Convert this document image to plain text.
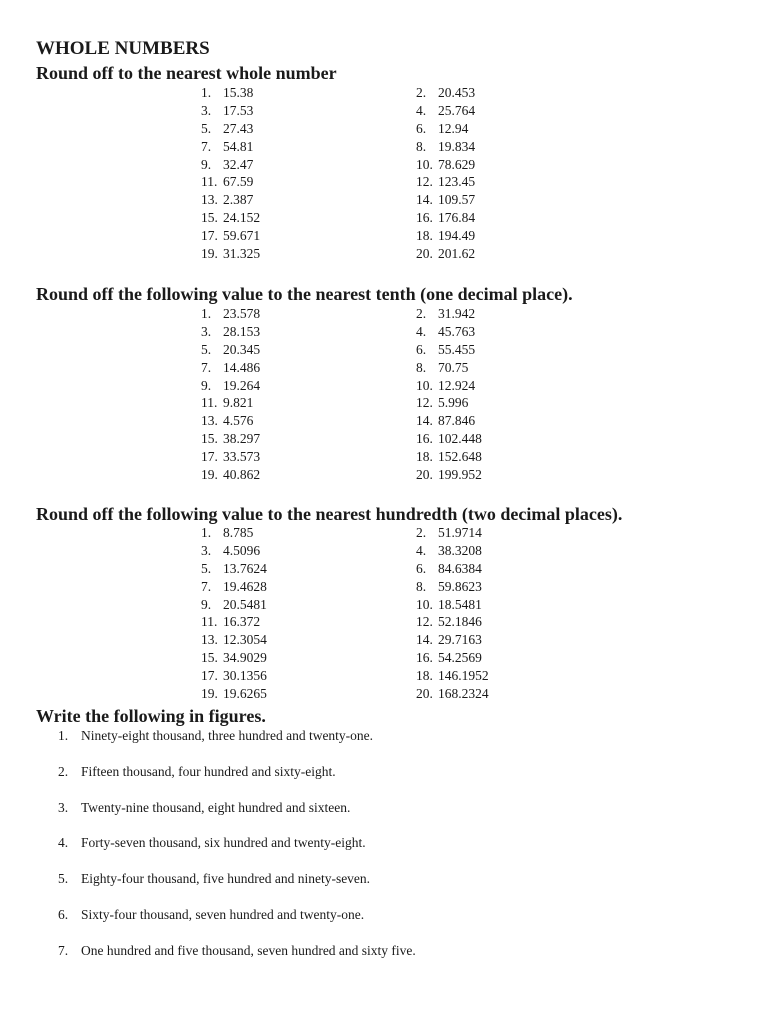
WHOLE NUMBERS
Round off to the nearest whole number
1. 15.38	2. 20.453
3. 17.53	4. 25.764
5. 27.43	6. 12.94
7. 54.81	8. 19.834
9. 32.47	10. 78.629
11. 67.59	12. 123.45
13. 2.387	14. 109.57
15. 24.152	16. 176.84
17. 59.671	18. 194.49
19. 31.325	20. 201.62
Round off the following value to the nearest tenth (one decimal place).
1. 23.578	2. 31.942
3. 28.153	4. 45.763
5. 20.345	6. 55.455
7. 14.486	8. 70.75
9. 19.264	10. 12.924
11. 9.821	12. 5.996
13. 4.576	14. 87.846
15. 38.297	16. 102.448
17. 33.573	18. 152.648
19. 40.862	20. 199.952
Round off the following value to the nearest hundredth (two decimal places).
1. 8.785	2. 51.9714
3. 4.5096	4. 38.3208
5. 13.7624	6. 84.6384
7. 19.4628	8. 59.8623
9. 20.5481	10. 18.5481
11. 16.372	12. 52.1846
13. 12.3054	14. 29.7163
15. 34.9029	16. 54.2569
17. 30.1356	18. 146.1952
19. 19.6265	20. 168.2324
Write the following in figures.
1. Ninety-eight thousand, three hundred and twenty-one.
2. Fifteen thousand, four hundred and sixty-eight.
3. Twenty-nine thousand, eight hundred and sixteen.
4. Forty-seven thousand, six hundred and twenty-eight.
5. Eighty-four thousand, five hundred and ninety-seven.
6. Sixty-four thousand, seven hundred and twenty-one.
7. One hundred and five thousand, seven hundred and sixty five.
